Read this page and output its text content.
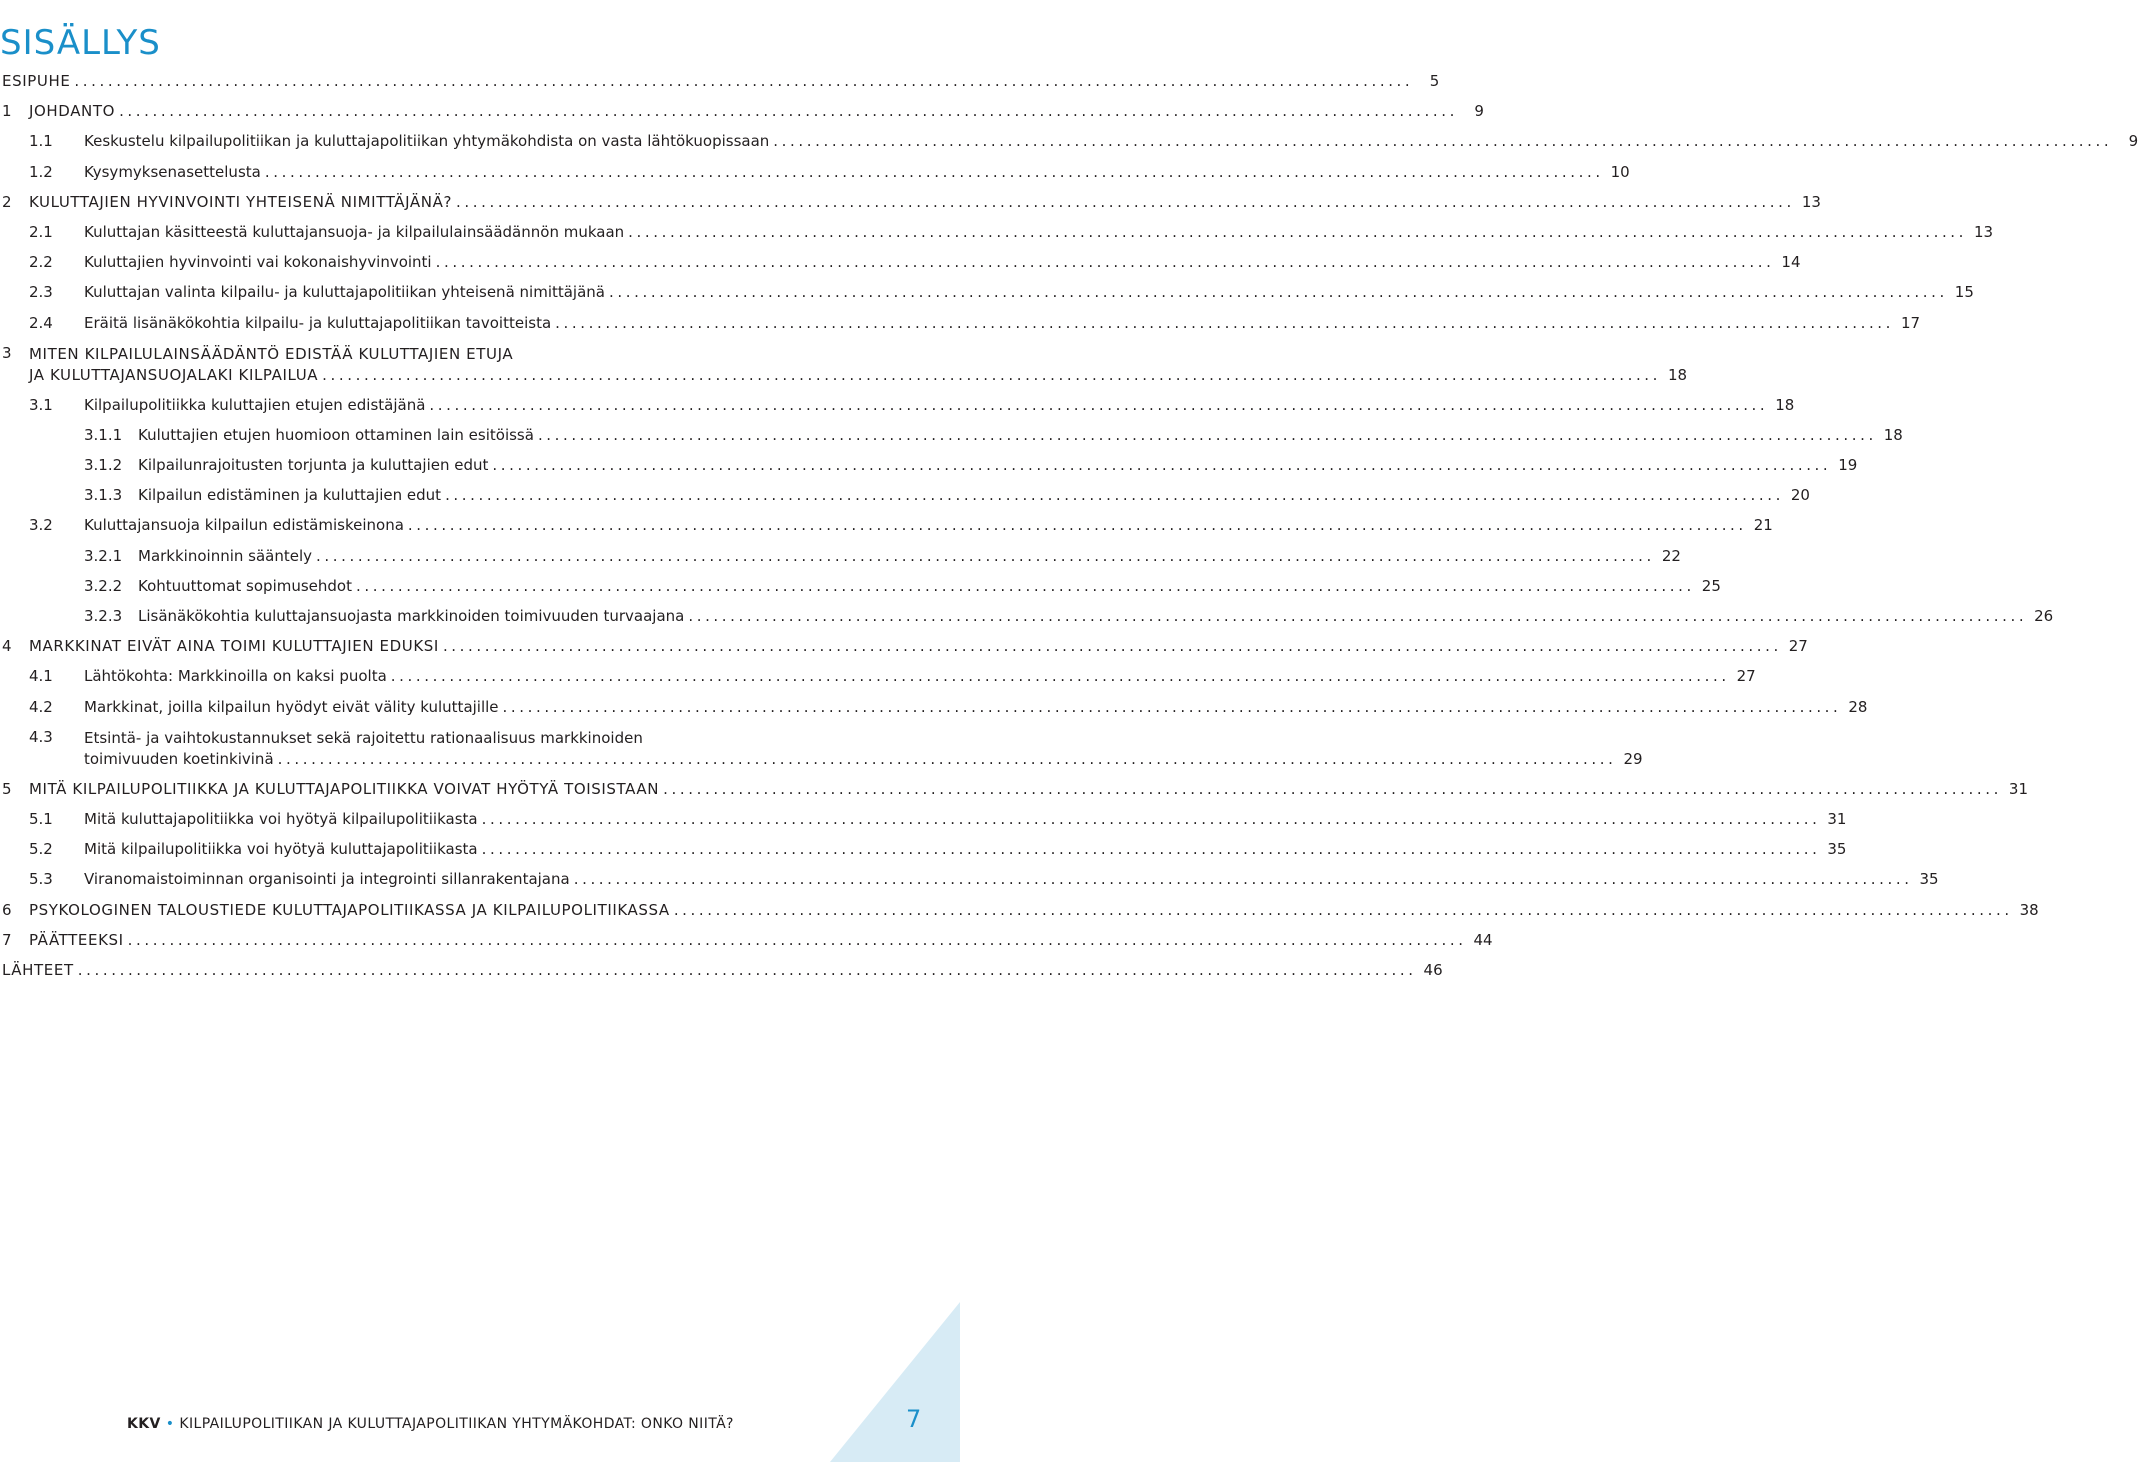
SISÄLLYS
ESIPUHE ................................................................................................................................................................	5
1 JOHDANTO ................................................................................................................................................................	9
1.1 Keskustelu kilpailupolitiikan ja kuluttajapolitiikan yhtymäkohdista on vasta lähtökuopissaan ................................................................................................................................................................	9
1.2 Kysymyksenasettelusta ................................................................................................................................................................ 10
2 KULUTTAJIEN HYVINVOINTI YHTEISENÄ NIMITTÄJÄNÄ? ................................................................................................................................................................ 13
2.1 Kuluttajan käsitteestä kuluttajansuoja- ja kilpailulainsäädännön mukaan ................................................................................................................................................................ 13
2.2 Kuluttajien hyvinvointi vai kokonaishyvinvointi ................................................................................................................................................................ 14
2.3 Kuluttajan valinta kilpailu- ja kuluttajapolitiikan yhteisenä nimittäjänä ................................................................................................................................................................ 15
2.4 Eräitä lisänäkökohtia kilpailu- ja kuluttajapolitiikan tavoitteista ................................................................................................................................................................ 17
3 MITEN KILPAILULAINSÄÄDÄNTÖ EDISTÄÄ KULUTTAJIEN ETUJA
JA KULUTTAJANSUOJALAKI KILPAILUA ................................................................................................................................................................ 18
3.1 Kilpailupolitiikka kuluttajien etujen edistäjänä ................................................................................................................................................................ 18
3.1.1 Kuluttajien etujen huomioon ottaminen lain esitöissä ................................................................................................................................................................ 18
3.1.2 Kilpailunrajoitusten torjunta ja kuluttajien edut ................................................................................................................................................................ 19
3.1.3 Kilpailun edistäminen ja kuluttajien edut ................................................................................................................................................................ 20
3.2 Kuluttajansuoja kilpailun edistämiskeinona ................................................................................................................................................................ 21
3.2.1 Markkinoinnin sääntely ................................................................................................................................................................ 22
3.2.2 Kohtuuttomat sopimusehdot ................................................................................................................................................................ 25
3.2.3 Lisänäkökohtia kuluttajansuojasta markkinoiden toimivuuden turvaajana ................................................................................................................................................................ 26
4 MARKKINAT EIVÄT AINA TOIMI KULUTTAJIEN EDUKSI ................................................................................................................................................................ 27
4.1 Lähtökohta: Markkinoilla on kaksi puolta ................................................................................................................................................................ 27
4.2 Markkinat, joilla kilpailun hyödyt eivät välity kuluttajille ................................................................................................................................................................ 28
4.3 Etsintä- ja vaihtokustannukset sekä rajoitettu rationaalisuus markkinoiden
toimivuuden koetinkivinä ................................................................................................................................................................ 29
5 MITÄ KILPAILUPOLITIIKKA JA KULUTTAJAPOLITIIKKA VOIVAT HYÖTYÄ TOISISTAAN ................................................................................................................................................................ 31
5.1 Mitä kuluttajapolitiikka voi hyötyä kilpailupolitiikasta ................................................................................................................................................................ 31
5.2 Mitä kilpailupolitiikka voi hyötyä kuluttajapolitiikasta ................................................................................................................................................................ 35
5.3 Viranomaistoiminnan organisointi ja integrointi sillanrakentajana ................................................................................................................................................................ 35
6 PSYKOLOGINEN TALOUSTIEDE KULUTTAJAPOLITIIKASSA JA KILPAILUPOLITIIKASSA ................................................................................................................................................................ 38
7 PÄÄTTEEKSI ................................................................................................................................................................ 44
LÄHTEET ................................................................................................................................................................ 46
KKV • KILPAILUPOLITIIKAN JA KULUTTAJAPOLITIIKAN YHTYMÄKOHDAT: ONKO NIITÄ?	7
